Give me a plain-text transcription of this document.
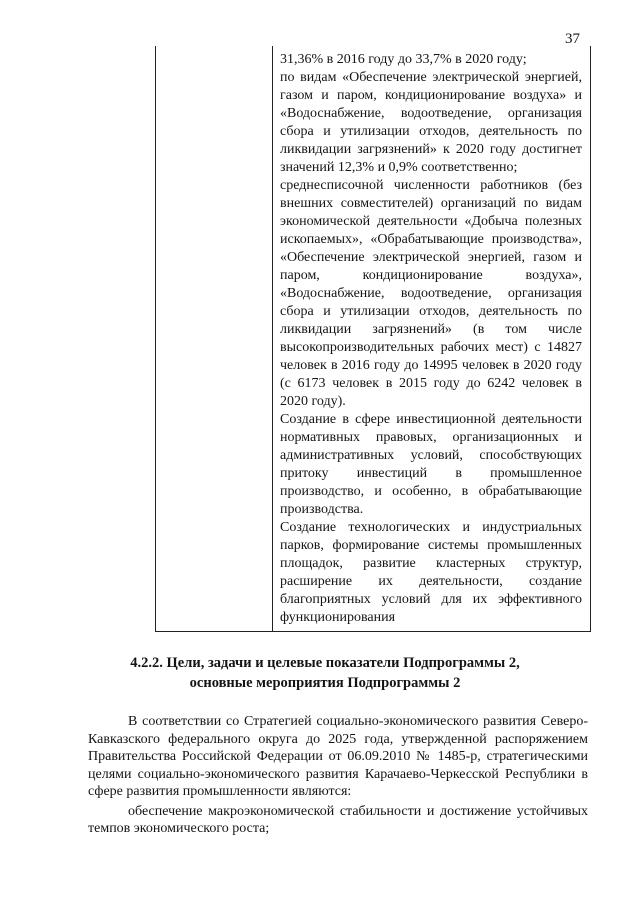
37

31,36% в 2016 году до 33,7% в 2020 году;

по видам «Обеспечение электрической энергией, газом и паром, кондиционирование воздуха» и «Водоснабжение, водоотведение, организация сбора и утилизации отходов, деятельность по ликвидации загрязнений» к 2020 году достигнет значений 12,3% и 0,9% соответственно;

среднесписочной численности работников (без внешних совместителей) организаций по видам экономической деятельности «Добыча полезных ископаемых», «Обрабатывающие производства», «Обеспечение электрической энергией, газом и паром, кондиционирование воздуха», «Водоснабжение, водоотведение, организация сбора и утилизации отходов, деятельность по ликвидации загрязнений» (в том числе высокопроизводительных рабочих мест) с 14827 человек в 2016 году до 14995 человек в 2020 году (с 6173 человек в 2015 году до 6242 человек в 2020 году).

Создание в сфере инвестиционной деятельности нормативных правовых, организационных и административных условий, способствующих притоку инвестиций в промышленное производство, и особенно, в обрабатывающие производства.

Создание технологических и индустриальных парков, формирование системы промышленных площадок, развитие кластерных структур, расширение их деятельности, создание благоприятных условий для их эффективного функционирования

4.2.2. Цели, задачи и целевые показатели Подпрограммы 2,
основные мероприятия Подпрограммы 2

В соответствии со Стратегией социально-экономического развития Северо-Кавказского федерального округа до 2025 года, утвержденной распоряжением Правительства Российской Федерации от 06.09.2010 № 1485-р, стратегическими целями социально-экономического развития Карачаево-Черкесской Республики в сфере развития промышленности являются:

обеспечение макроэкономической стабильности и достижение устойчивых темпов экономического роста;
